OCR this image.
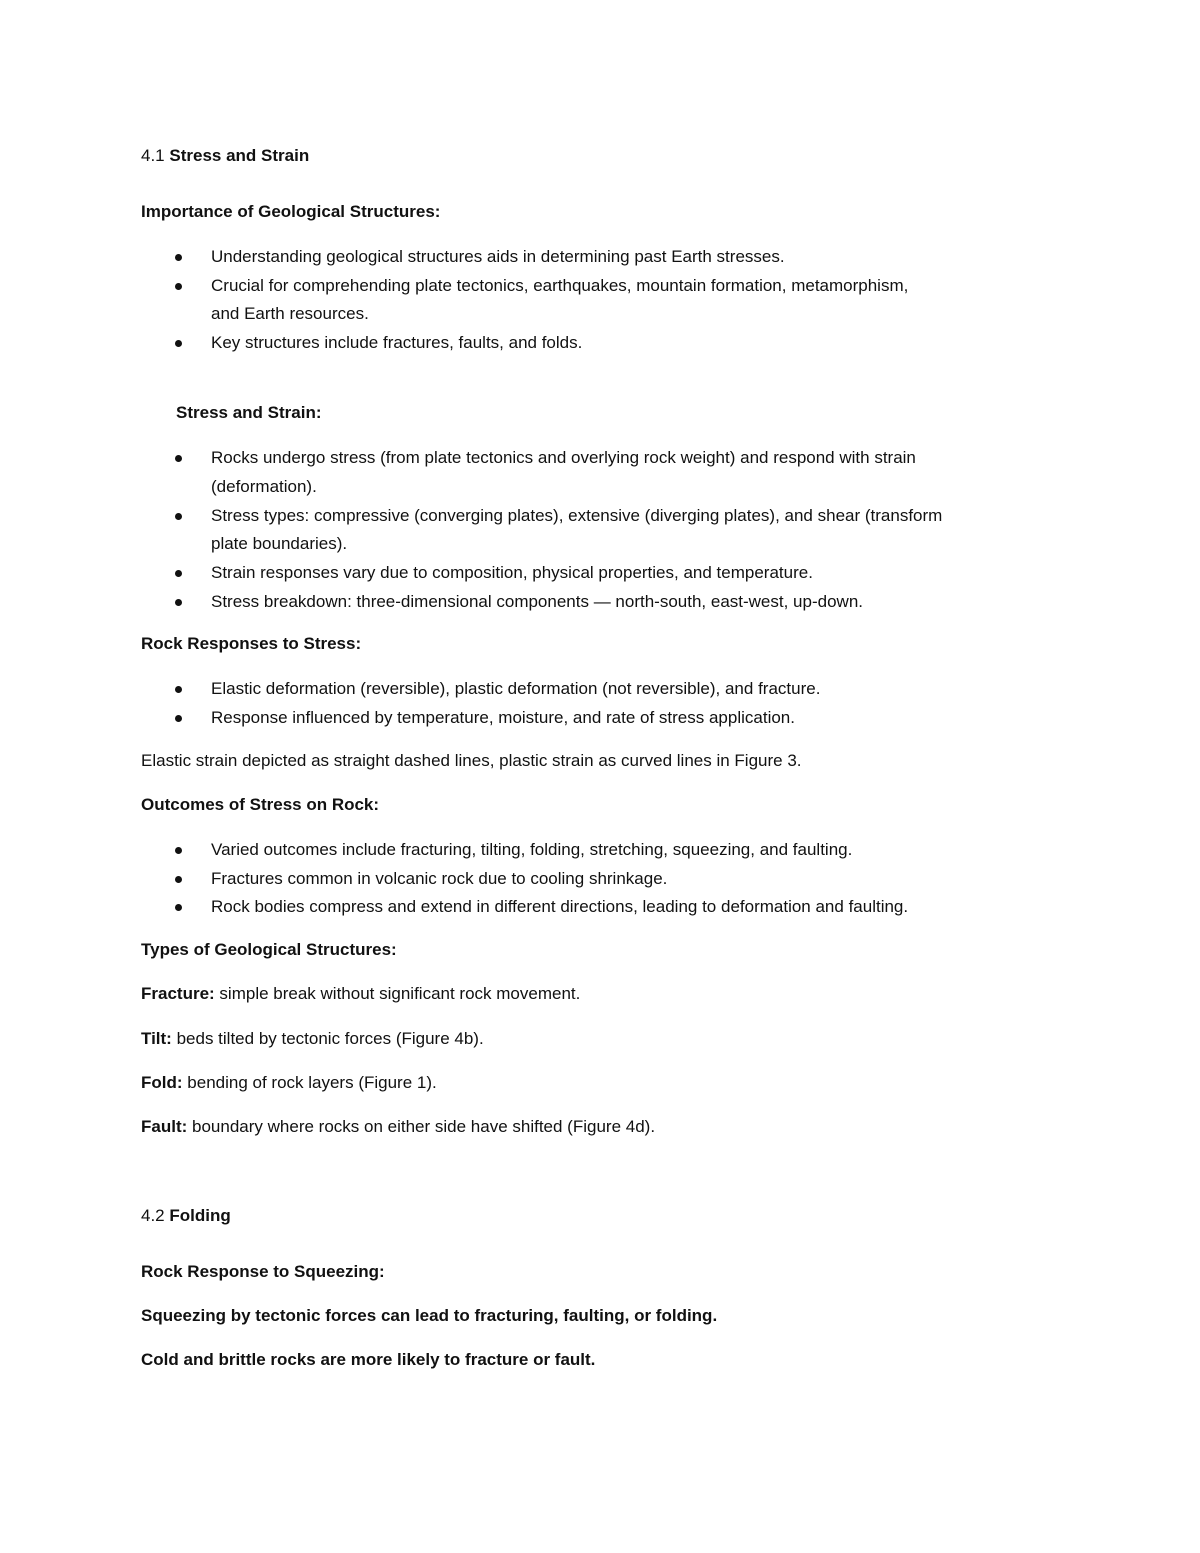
4.1 Stress and Strain

Importance of Geological Structures:

Understanding geological structures aids in determining past Earth stresses.
Crucial for comprehending plate tectonics, earthquakes, mountain formation, metamorphism,

and Earth resources.

Key structures include fractures, faults, and folds.

Stress and Strain:

Rocks undergo stress (from plate tectonics and overlying rock weight) and respond with strain

(deformation).

Stress types: compressive (converging plates), extensive (diverging plates), and shear (transform

plate boundaries).

Strain responses vary due to composition, physical properties, and temperature.
Stress breakdown: three-dimensional components — north-south, east-west, up-down.

Rock Responses to Stress:

Elastic deformation (reversible), plastic deformation (not reversible), and fracture.
Response influenced by temperature, moisture, and rate of stress application.

Elastic strain depicted as straight dashed lines, plastic strain as curved lines in Figure 3.

Outcomes of Stress on Rock:

Varied outcomes include fracturing, tilting, folding, stretching, squeezing, and faulting.
Fractures common in volcanic rock due to cooling shrinkage.
Rock bodies compress and extend in different directions, leading to deformation and faulting.

Types of Geological Structures:

Fracture: simple break without significant rock movement.

Tilt: beds tilted by tectonic forces (Figure 4b).

Fold: bending of rock layers (Figure 1).

Fault: boundary where rocks on either side have shifted (Figure 4d).

4.2 Folding

Rock Response to Squeezing:

Squeezing by tectonic forces can lead to fracturing, faulting, or folding.

Cold and brittle rocks are more likely to fracture or fault.
